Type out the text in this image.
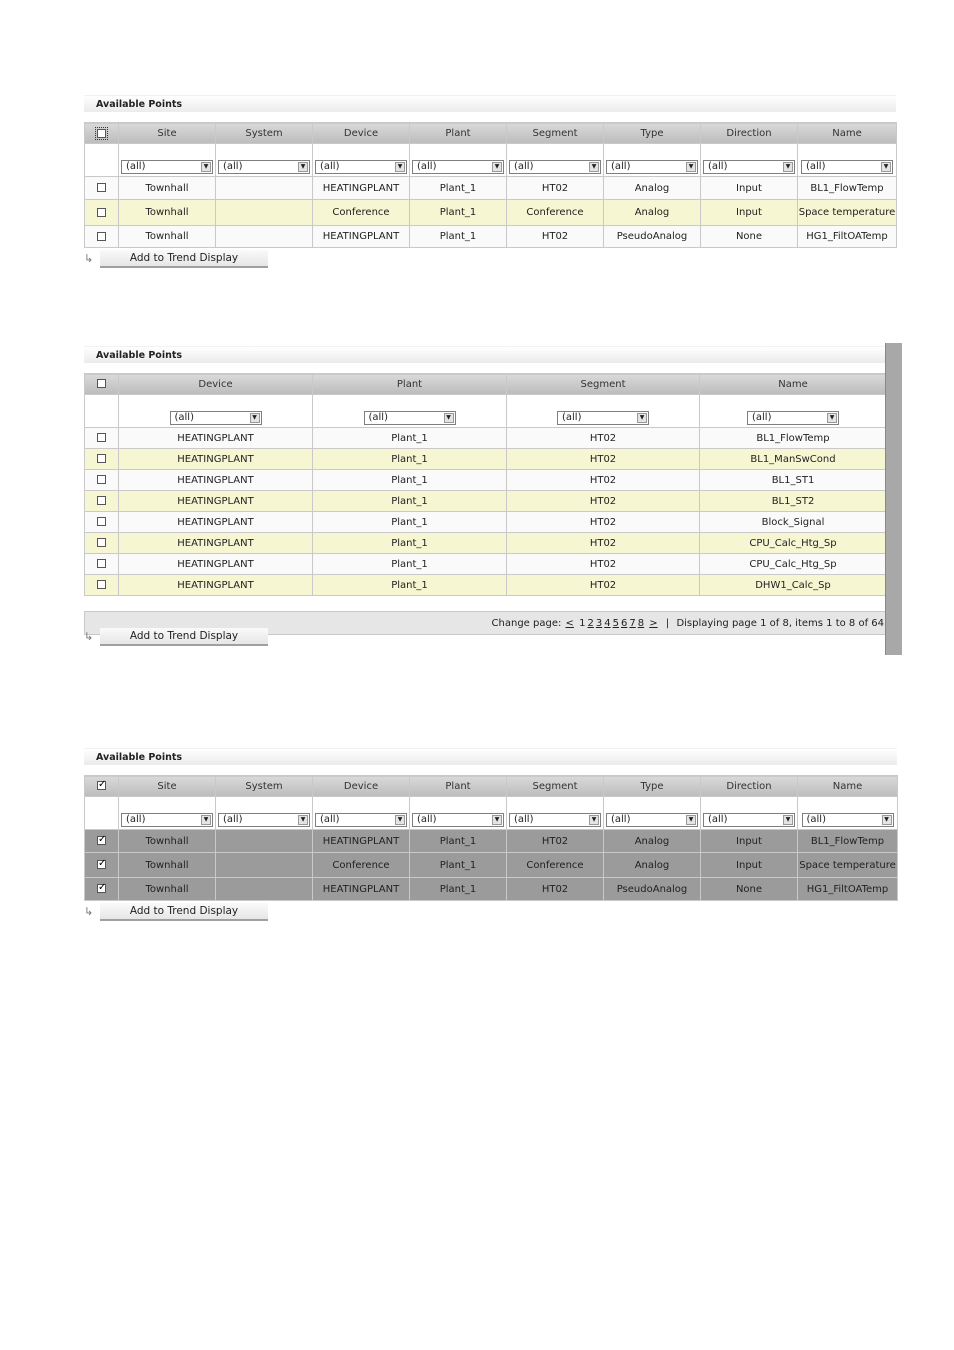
Available Points
	Site	System	Device	Plant	Segment	Type	Direction	Name
	(all) ▼	(all) ▼	(all) ▼	(all) ▼	(all) ▼	(all) ▼	(all) ▼	(all) ▼

	Townhall		HEATINGPLANT	Plant_1	HT02	Analog	Input	BL1_FlowTemp
	Townhall		Conference	Plant_1	Conference	Analog	Input	Space temperature
	Townhall		HEATINGPLANT	Plant_1	HT02	PseudoAnalog	None	HG1_FiltOATemp
↳	Add to Trend Display
Available Points
	Device	Plant	Segment	Name
	(all) ▼	(all) ▼	(all) ▼	(all) ▼

	HEATINGPLANT	Plant_1	HT02	BL1_FlowTemp
	HEATINGPLANT	Plant_1	HT02	BL1_ManSwCond
	HEATINGPLANT	Plant_1	HT02	BL1_ST1
	HEATINGPLANT	Plant_1	HT02	BL1_ST2
	HEATINGPLANT	Plant_1	HT02	Block_Signal
	HEATINGPLANT	Plant_1	HT02	CPU_Calc_Htg_Sp
	HEATINGPLANT	Plant_1	HT02	CPU_Calc_Htg_Sp
	HEATINGPLANT	Plant_1	HT02	DHW1_Calc_Sp

Change page: < 1 2 3 4 5 6 7 8 > | Displaying page 1 of 8, items 1 to 8 of 64				
↳	Add to Trend Display
Available Points
✓	Site	System	Device	Plant	Segment	Type	Direction	Name
	(all) ▼	(all) ▼	(all) ▼	(all) ▼	(all) ▼	(all) ▼	(all) ▼	(all) ▼

✓	Townhall		HEATINGPLANT	Plant_1	HT02	Analog	Input	BL1_FlowTemp
✓	Townhall		Conference	Plant_1	Conference	Analog	Input	Space temperature
✓	Townhall		HEATINGPLANT	Plant_1	HT02	PseudoAnalog	None	HG1_FiltOATemp
↳	Add to Trend Display
